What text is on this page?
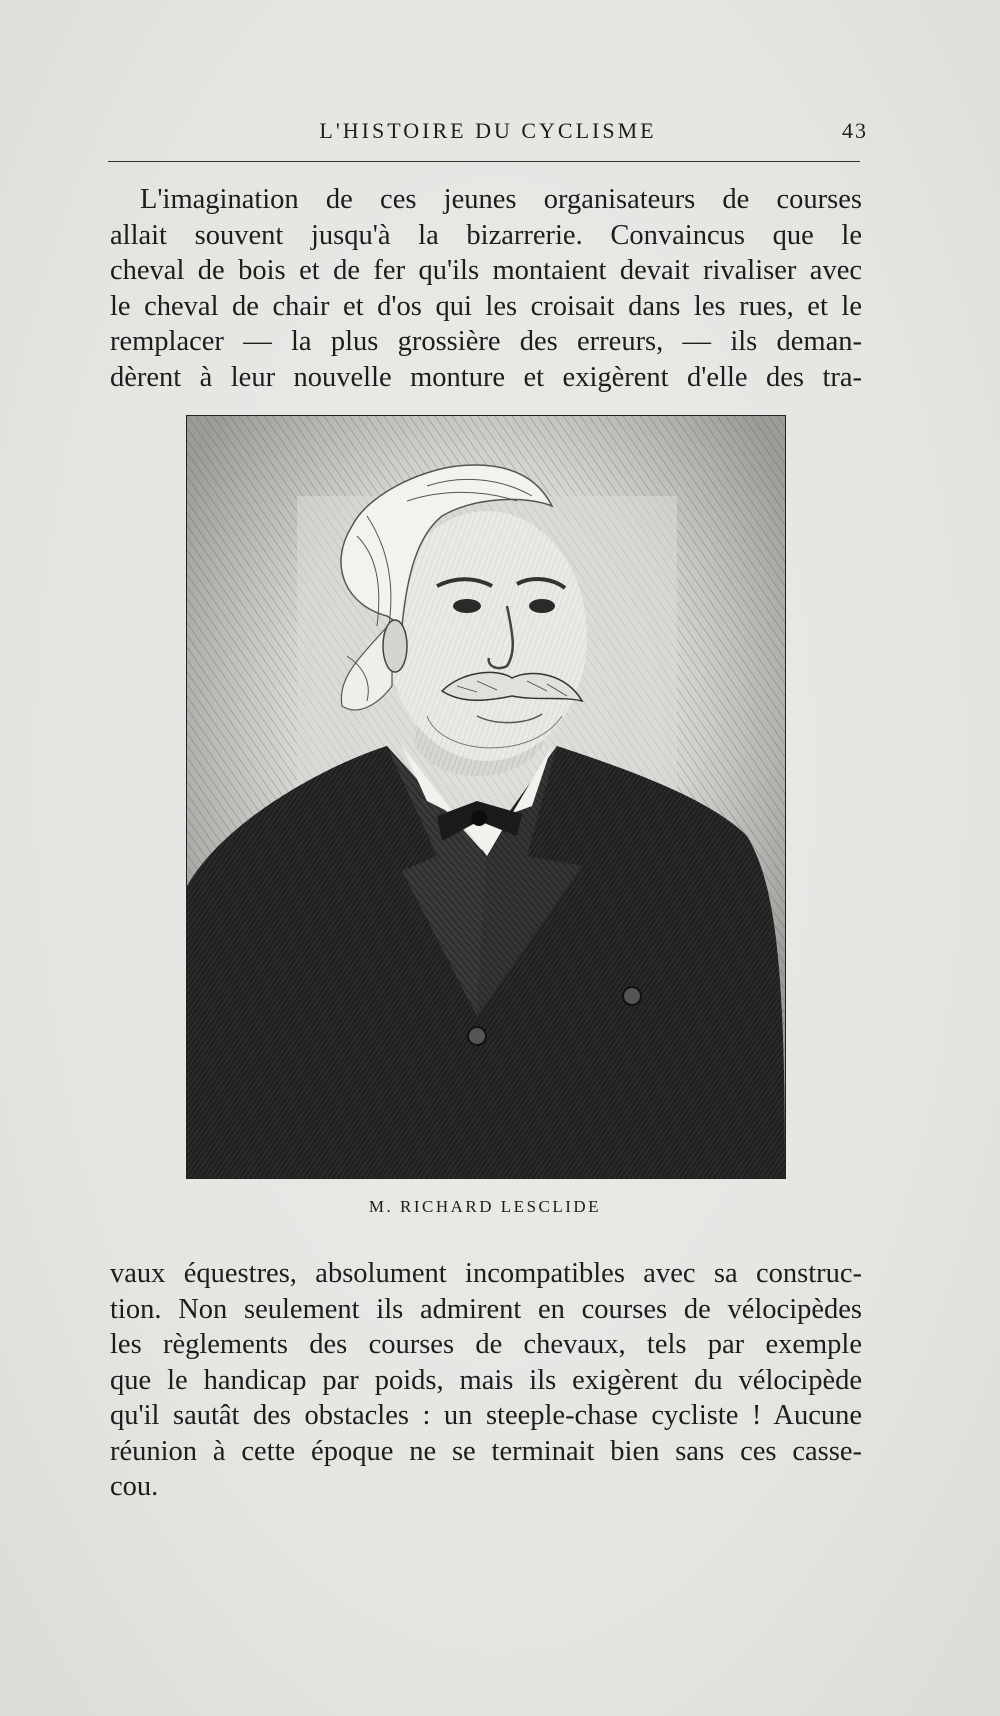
L'HISTOIRE DU CYCLISME	43
L'imagination de ces jeunes organisateurs de courses
allait souvent jusqu'à la bizarrerie. Convaincus que le
cheval de bois et de fer qu'ils montaient devait rivaliser avec
le cheval de chair et d'os qui les croisait dans les rues, et le
remplacer — la plus grossière des erreurs, — ils deman-
dèrent à leur nouvelle monture et exigèrent d'elle des tra-
M. RICHARD LESCLIDE
vaux équestres, absolument incompatibles avec sa construc-
tion. Non seulement ils admirent en courses de vélocipèdes
les règlements des courses de chevaux, tels par exemple
que le handicap par poids, mais ils exigèrent du vélocipède
qu'il sautât des obstacles : un steeple-chase cycliste ! Aucune
réunion à cette époque ne se terminait bien sans ces casse-
cou.
